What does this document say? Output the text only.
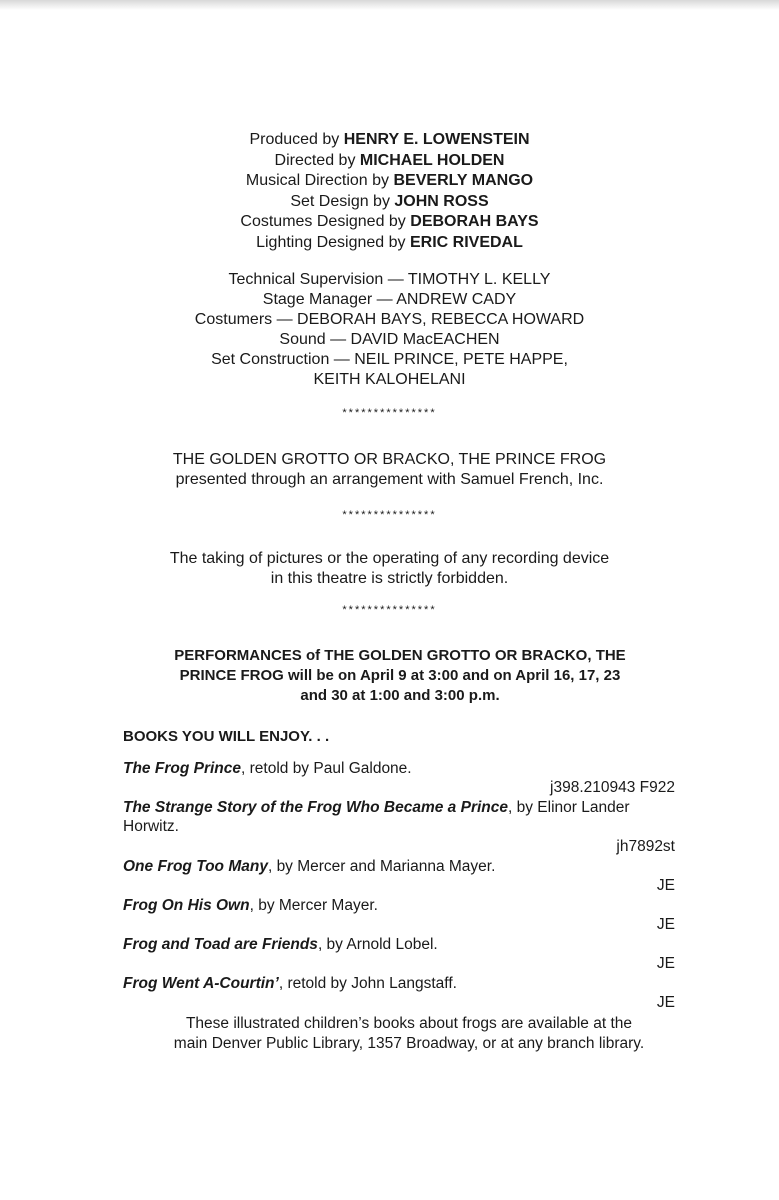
Produced by HENRY E. LOWENSTEIN
Directed by MICHAEL HOLDEN
Musical Direction by BEVERLY MANGO
Set Design by JOHN ROSS
Costumes Designed by DEBORAH BAYS
Lighting Designed by ERIC RIVEDAL
Technical Supervision — TIMOTHY L. KELLY
Stage Manager — ANDREW CADY
Costumers — DEBORAH BAYS, REBECCA HOWARD
Sound — DAVID MacEACHEN
Set Construction — NEIL PRINCE, PETE HAPPE,
KEITH KALOHELANI
***************
THE GOLDEN GROTTO OR BRACKO, THE PRINCE FROG
presented through an arrangement with Samuel French, Inc.
***************
The taking of pictures or the operating of any recording device
in this theatre is strictly forbidden.
***************
PERFORMANCES of THE GOLDEN GROTTO OR BRACKO, THE
PRINCE FROG will be on April 9 at 3:00 and on April 16, 17, 23
and 30 at 1:00 and 3:00 p.m.
BOOKS YOU WILL ENJOY. . .
The Frog Prince, retold by Paul Galdone.
j398.210943 F922
The Strange Story of the Frog Who Became a Prince, by Elinor Lander Horwitz.
jh7892st
One Frog Too Many, by Mercer and Marianna Mayer.
JE
Frog On His Own, by Mercer Mayer.
JE
Frog and Toad are Friends, by Arnold Lobel.
JE
Frog Went A-Courtin’, retold by John Langstaff.
JE
These illustrated children’s books about frogs are available at the
main Denver Public Library, 1357 Broadway, or at any branch library.
